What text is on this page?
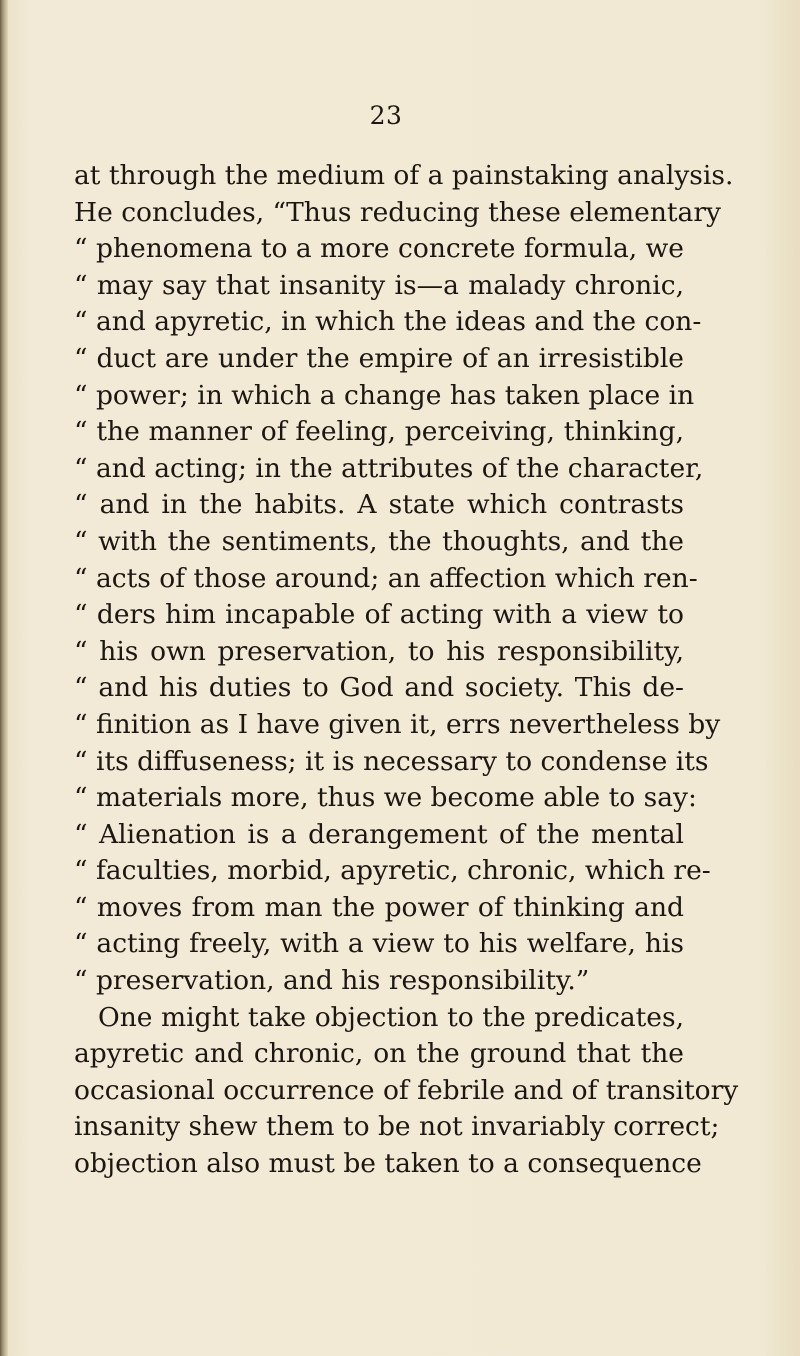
23
at through the medium of a painstaking analysis.
He concludes, “Thus reducing these elementary
“ phenomena to a more concrete formula, we
“ may say that insanity is—a malady chronic,
“ and apyretic, in which the ideas and the con-
“ duct are under the empire of an irresistible
“ power; in which a change has taken place in
“ the manner of feeling, perceiving, thinking,
“ and acting; in the attributes of the character,
“ and in the habits. A state which contrasts
“ with the sentiments, the thoughts, and the
“ acts of those around; an affection which ren-
“ ders him incapable of acting with a view to
“ his own preservation, to his responsibility,
“ and his duties to God and society. This de-
“ finition as I have given it, errs nevertheless by
“ its diffuseness; it is necessary to condense its
“ materials more, thus we become able to say:
“ Alienation is a derangement of the mental
“ faculties, morbid, apyretic, chronic, which re-
“ moves from man the power of thinking and
“ acting freely, with a view to his welfare, his
“ preservation, and his responsibility.”
One might take objection to the predicates,
apyretic and chronic, on the ground that the
occasional occurrence of febrile and of transitory
insanity shew them to be not invariably correct;
objection also must be taken to a consequence
